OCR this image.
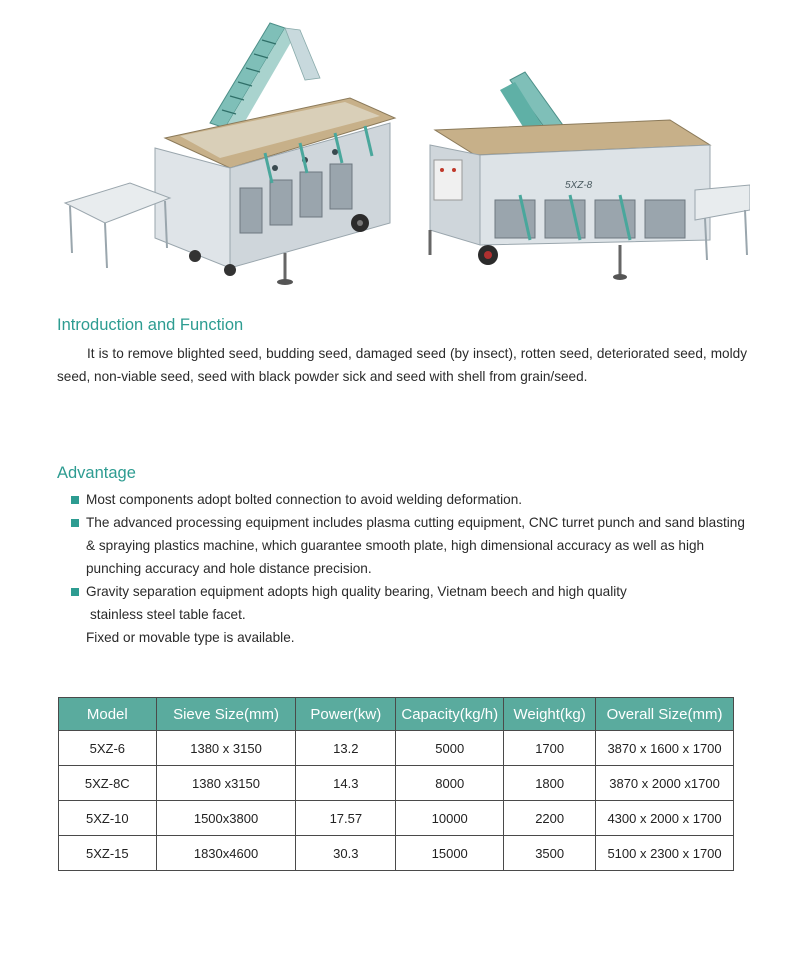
5XZ-8
Introduction and Function

It is to remove blighted seed, budding seed, damaged seed (by insect), rotten seed, deteriorated seed, moldy seed, non-viable seed, seed with black powder sick and seed with shell from grain/seed.

Advantage
Most components adopt bolted connection to avoid welding deformation.
The advanced processing equipment includes plasma cutting equipment, CNC turret punch and sand blasting & spraying plastics machine, which guarantee smooth plate, high dimensional accuracy as well as high punching accuracy and hole distance precision.
Gravity separation equipment adopts high quality bearing, Vietnam beech and high quality
stainless steel table facet.
Fixed or movable type is available.
Model	Sieve Size(mm)	Power(kw)	Capacity(kg/h)	Weight(kg)	Overall Size(mm)
5XZ-6	1380 x 3150	13.2	5000	1700	3870 x 1600 x 1700
5XZ-8C	1380 x3150	14.3	8000	1800	3870 x 2000 x1700
5XZ-10	1500x3800	17.57	10000	2200	4300 x 2000 x 1700
5XZ-15	1830x4600	30.3	15000	3500	5100 x 2300 x 1700
